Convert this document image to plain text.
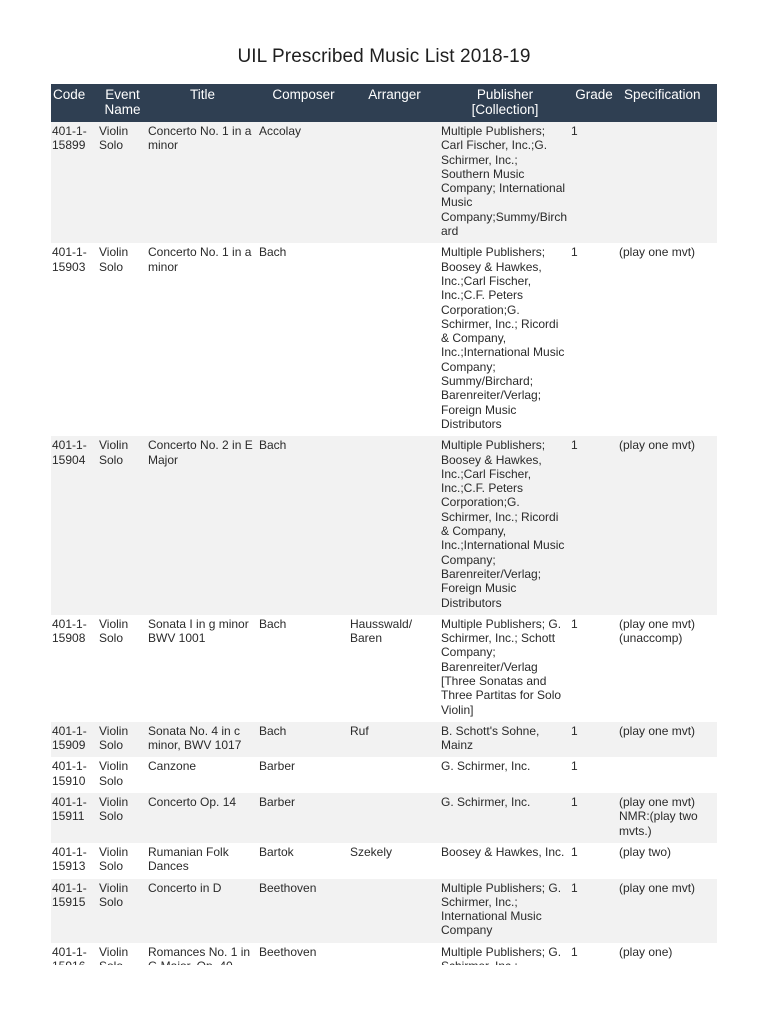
UIL Prescribed Music List 2018-19
Code	Event Name	Title	Composer	Arranger	Publisher [Collection]	Grade	Specification
401-1-15899	Violin Solo	Concerto No. 1 in a minor	Accolay		Multiple Publishers; Carl Fischer, Inc.;G. Schirmer, Inc.; Southern Music Company; International Music Company;Summy/Birchard	1	
401-1-15903	Violin Solo	Concerto No. 1 in a minor	Bach		Multiple Publishers; Boosey & Hawkes, Inc.;Carl Fischer, Inc.;C.F. Peters Corporation;G. Schirmer, Inc.; Ricordi & Company, Inc.;International Music Company; Summy/Birchard; Barenreiter/Verlag; Foreign Music Distributors	1	(play one mvt)
401-1-15904	Violin Solo	Concerto No. 2 in E Major	Bach		Multiple Publishers; Boosey & Hawkes, Inc.;Carl Fischer, Inc.;C.F. Peters Corporation;G. Schirmer, Inc.; Ricordi & Company, Inc.;International Music Company; Barenreiter/Verlag; Foreign Music Distributors	1	(play one mvt)
401-1-15908	Violin Solo	Sonata I in g minor BWV 1001	Bach	Hausswald/ Baren	Multiple Publishers; G. Schirmer, Inc.; Schott Company; Barenreiter/Verlag [Three Sonatas and Three Partitas for Solo Violin]	1	(play one mvt) (unaccomp)
401-1-15909	Violin Solo	Sonata No. 4 in c minor, BWV 1017	Bach	Ruf	B. Schott's Sohne, Mainz	1	(play one mvt)
401-1-15910	Violin Solo	Canzone	Barber		G. Schirmer, Inc.	1	
401-1-15911	Violin Solo	Concerto Op. 14	Barber		G. Schirmer, Inc.	1	(play one mvt) NMR:(play two mvts.)
401-1-15913	Violin Solo	Rumanian Folk Dances	Bartok	Szekely	Boosey & Hawkes, Inc.	1	(play two)
401-1-15915	Violin Solo	Concerto in D	Beethoven		Multiple Publishers; G. Schirmer, Inc.; International Music Company	1	(play one mvt)
401-1-	Violin	Romances No. 1 in	Beethoven		Multiple Publishers; G.	1	(play one)
